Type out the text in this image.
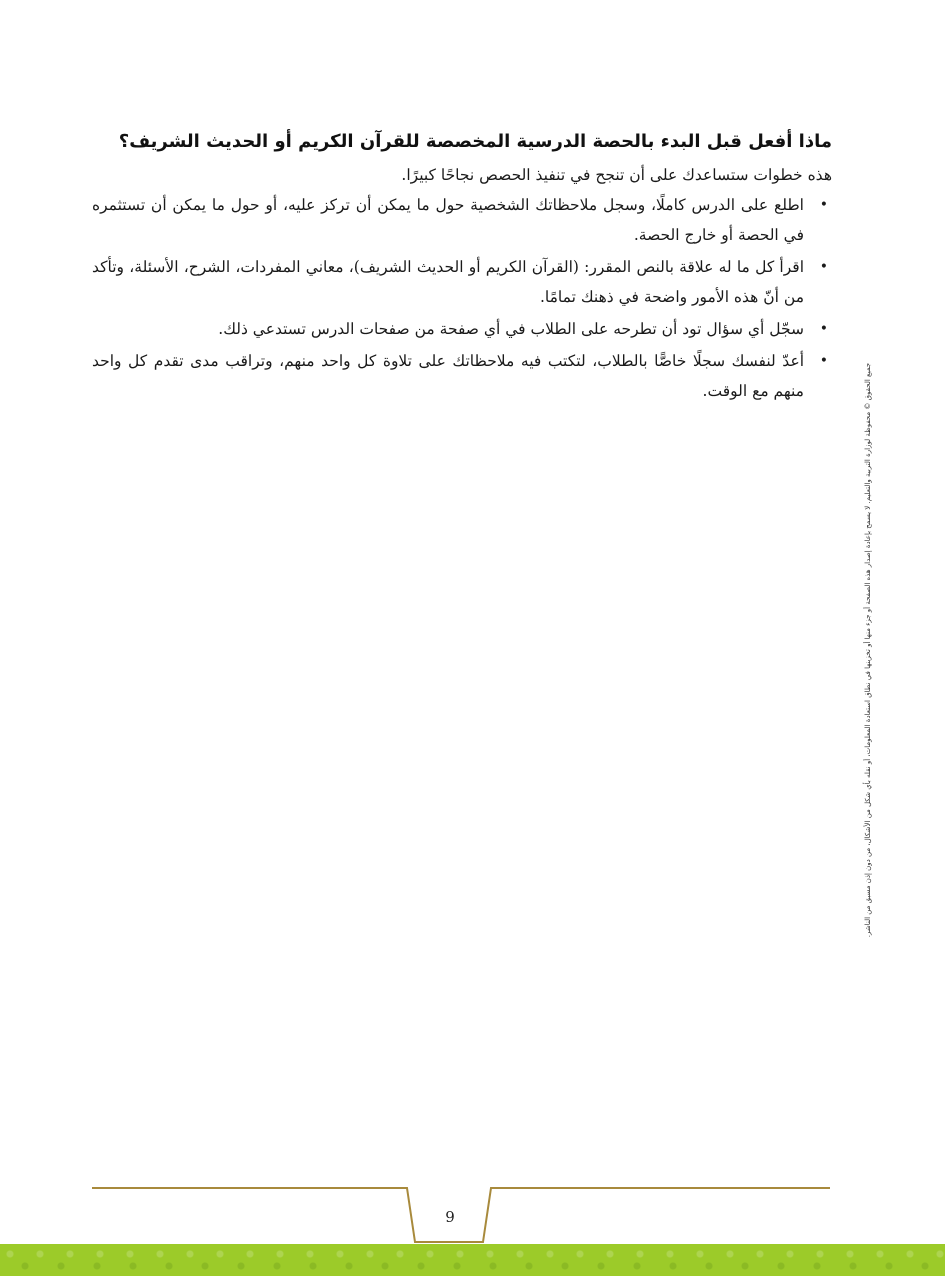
ماذا أفعل قبل البدء بالحصة الدرسية المخصصة للقرآن الكريم أو الحديث الشريف؟

هذه خطوات ستساعدك على أن تنجح في تنفيذ الحصص نجاحًا كبيرًا.

•
اطلع على الدرس كاملًا، وسجل ملاحظاتك الشخصية حول ما يمكن أن تركز عليه، أو حول ما يمكن أن تستثمره في الحصة أو خارج الحصة.
•
اقرأ كل ما له علاقة بالنص المقرر: (القرآن الكريم أو الحديث الشريف)، معاني المفردات، الشرح، الأسئلة، وتأكد من أنّ هذه الأمور واضحة في ذهنك تمامًا.
•
سجّل أي سؤال تود أن تطرحه على الطلاب في أي صفحة من صفحات الدرس تستدعي ذلك.
•
أعدّ لنفسك سجلًا خاصًّا بالطلاب، لتكتب فيه ملاحظاتك على تلاوة كل واحد منهم، وتراقب مدى تقدم كل واحد منهم مع الوقت.	جميع الحقوق © محفوظة لوزارة التربية والتعليم. لا يسمح بإعادة إصدار هذه الصفحة أو جزء منها أو تخزينها في نطاق استعادة المعلومات، أو نقله بأي شكل من الأشكال، من دون إذن مسبق من الناشر.
9
